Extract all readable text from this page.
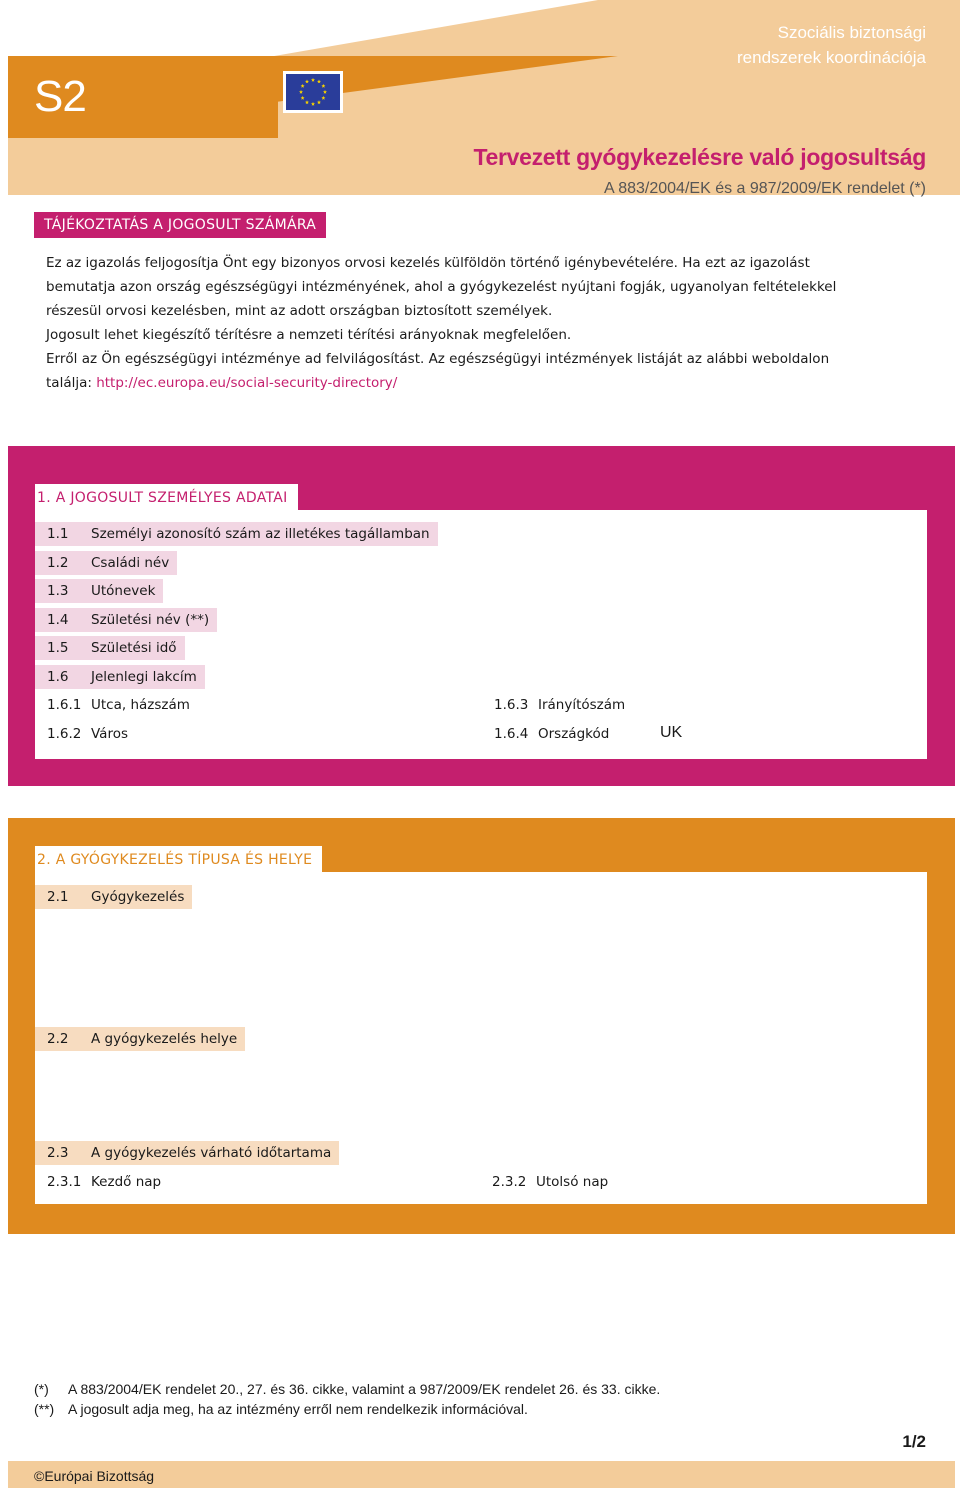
S2
Szociális biztonsági
rendszerek koordinációja
Tervezett gyógykezelésre való jogosultság
A 883/2004/EK és a 987/2009/EK rendelet (*)
TÁJÉKOZTATÁS A JOGOSULT SZÁMÁRA
Ez az igazolás feljogosítja Önt egy bizonyos orvosi kezelés külföldön történő igénybevételére. Ha ezt az igazolást
bemutatja azon ország egészségügyi intézményének, ahol a gyógykezelést nyújtani fogják, ugyanolyan feltételekkel
részesül orvosi kezelésben, mint az adott országban biztosított személyek.
Jogosult lehet kiegészítő térítésre a nemzeti térítési arányoknak megfelelően.
Erről az Ön egészségügyi intézménye ad felvilágosítást. Az egészségügyi intézmények listáját az alábbi weboldalon
találja: http://ec.europa.eu/social-security-directory/
1. A JOGOSULT SZEMÉLYES ADATAI
1.1 Személyi azonosító szám az illetékes tagállamban
1.2 Családi név
1.3 Utónevek
1.4 Születési név (**)
1.5 Születési idő
1.6 Jelenlegi lakcím
1.6.1 Utca, házszám
1.6.2 Város
1.6.3 Irányítószám
1.6.4 Országkód	UK
2. A GYÓGYKEZELÉS TÍPUSA ÉS HELYE
2.1 Gyógykezelés
2.2 A gyógykezelés helye
2.3 A gyógykezelés várható időtartama
2.3.1 Kezdő nap	2.3.2 Utolsó nap
(*) A 883/2004/EK rendelet 20., 27. és 36. cikke, valamint a 987/2009/EK rendelet 26. és 33. cikke.
(**) A jogosult adja meg, ha az intézmény erről nem rendelkezik információval.
1/2
©Európai Bizottság
